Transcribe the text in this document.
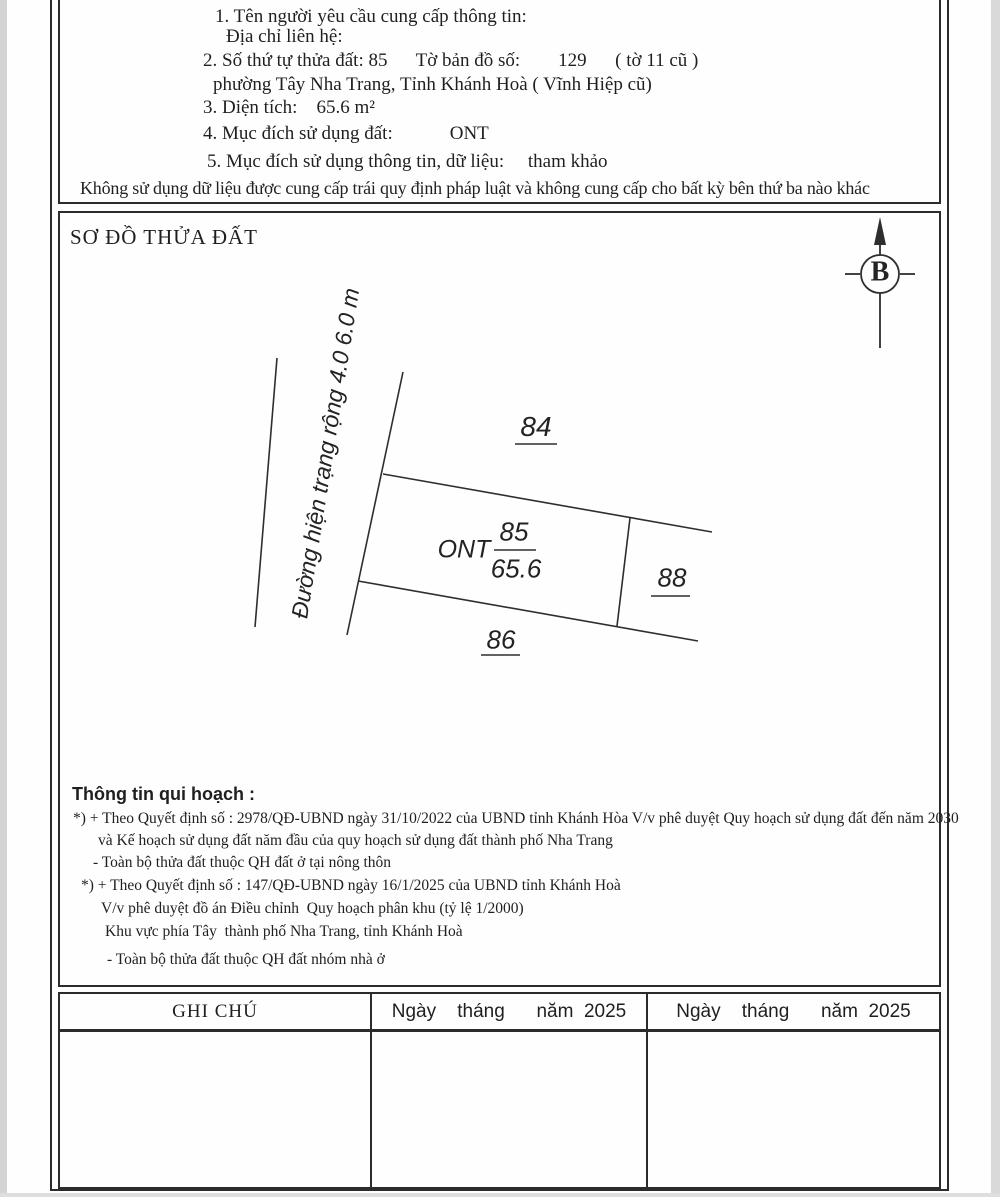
1. Tên người yêu cầu cung cấp thông tin:
Địa chỉ liên hệ:
2. Số thứ tự thửa đất: 85      Tờ bản đồ số:        129      ( tờ 11 cũ )
phường Tây Nha Trang, Tỉnh Khánh Hoà ( Vĩnh Hiệp cũ)
3. Diện tích:    65.6 m²
4. Mục đích sử dụng đất:            ONT
5. Mục đích sử dụng thông tin, dữ liệu:     tham khảo
Không sử dụng dữ liệu được cung cấp trái quy định pháp luật và không cung cấp cho bất kỳ bên thứ ba nào khác
SƠ ĐỒ THỬA ĐẤT
B
Đường hiện trạng rộng 4.0 6.0 m	84
ONT
85
65.6	88
86
Thông tin qui hoạch :
*) + Theo Quyết định số : 2978/QĐ-UBND ngày 31/10/2022 của UBND tỉnh Khánh Hòa V/v phê duyệt Quy hoạch sử dụng đất đến năm 2030
và Kế hoạch sử dụng đất năm đầu của quy hoạch sử dụng đất thành phố Nha Trang
- Toàn bộ thửa đất thuộc QH đất ở tại nông thôn
*) + Theo Quyết định số : 147/QĐ-UBND ngày 16/1/2025 của UBND tỉnh Khánh Hoà
V/v phê duyệt đồ án Điều chỉnh  Quy hoạch phân khu (tỷ lệ 1/2000)
Khu vực phía Tây  thành phố Nha Trang, tỉnh Khánh Hoà
- Toàn bộ thửa đất thuộc QH đất nhóm nhà ở
GHI CHÚ	Ngày    tháng      năm  2025	Ngày    tháng      năm  2025
